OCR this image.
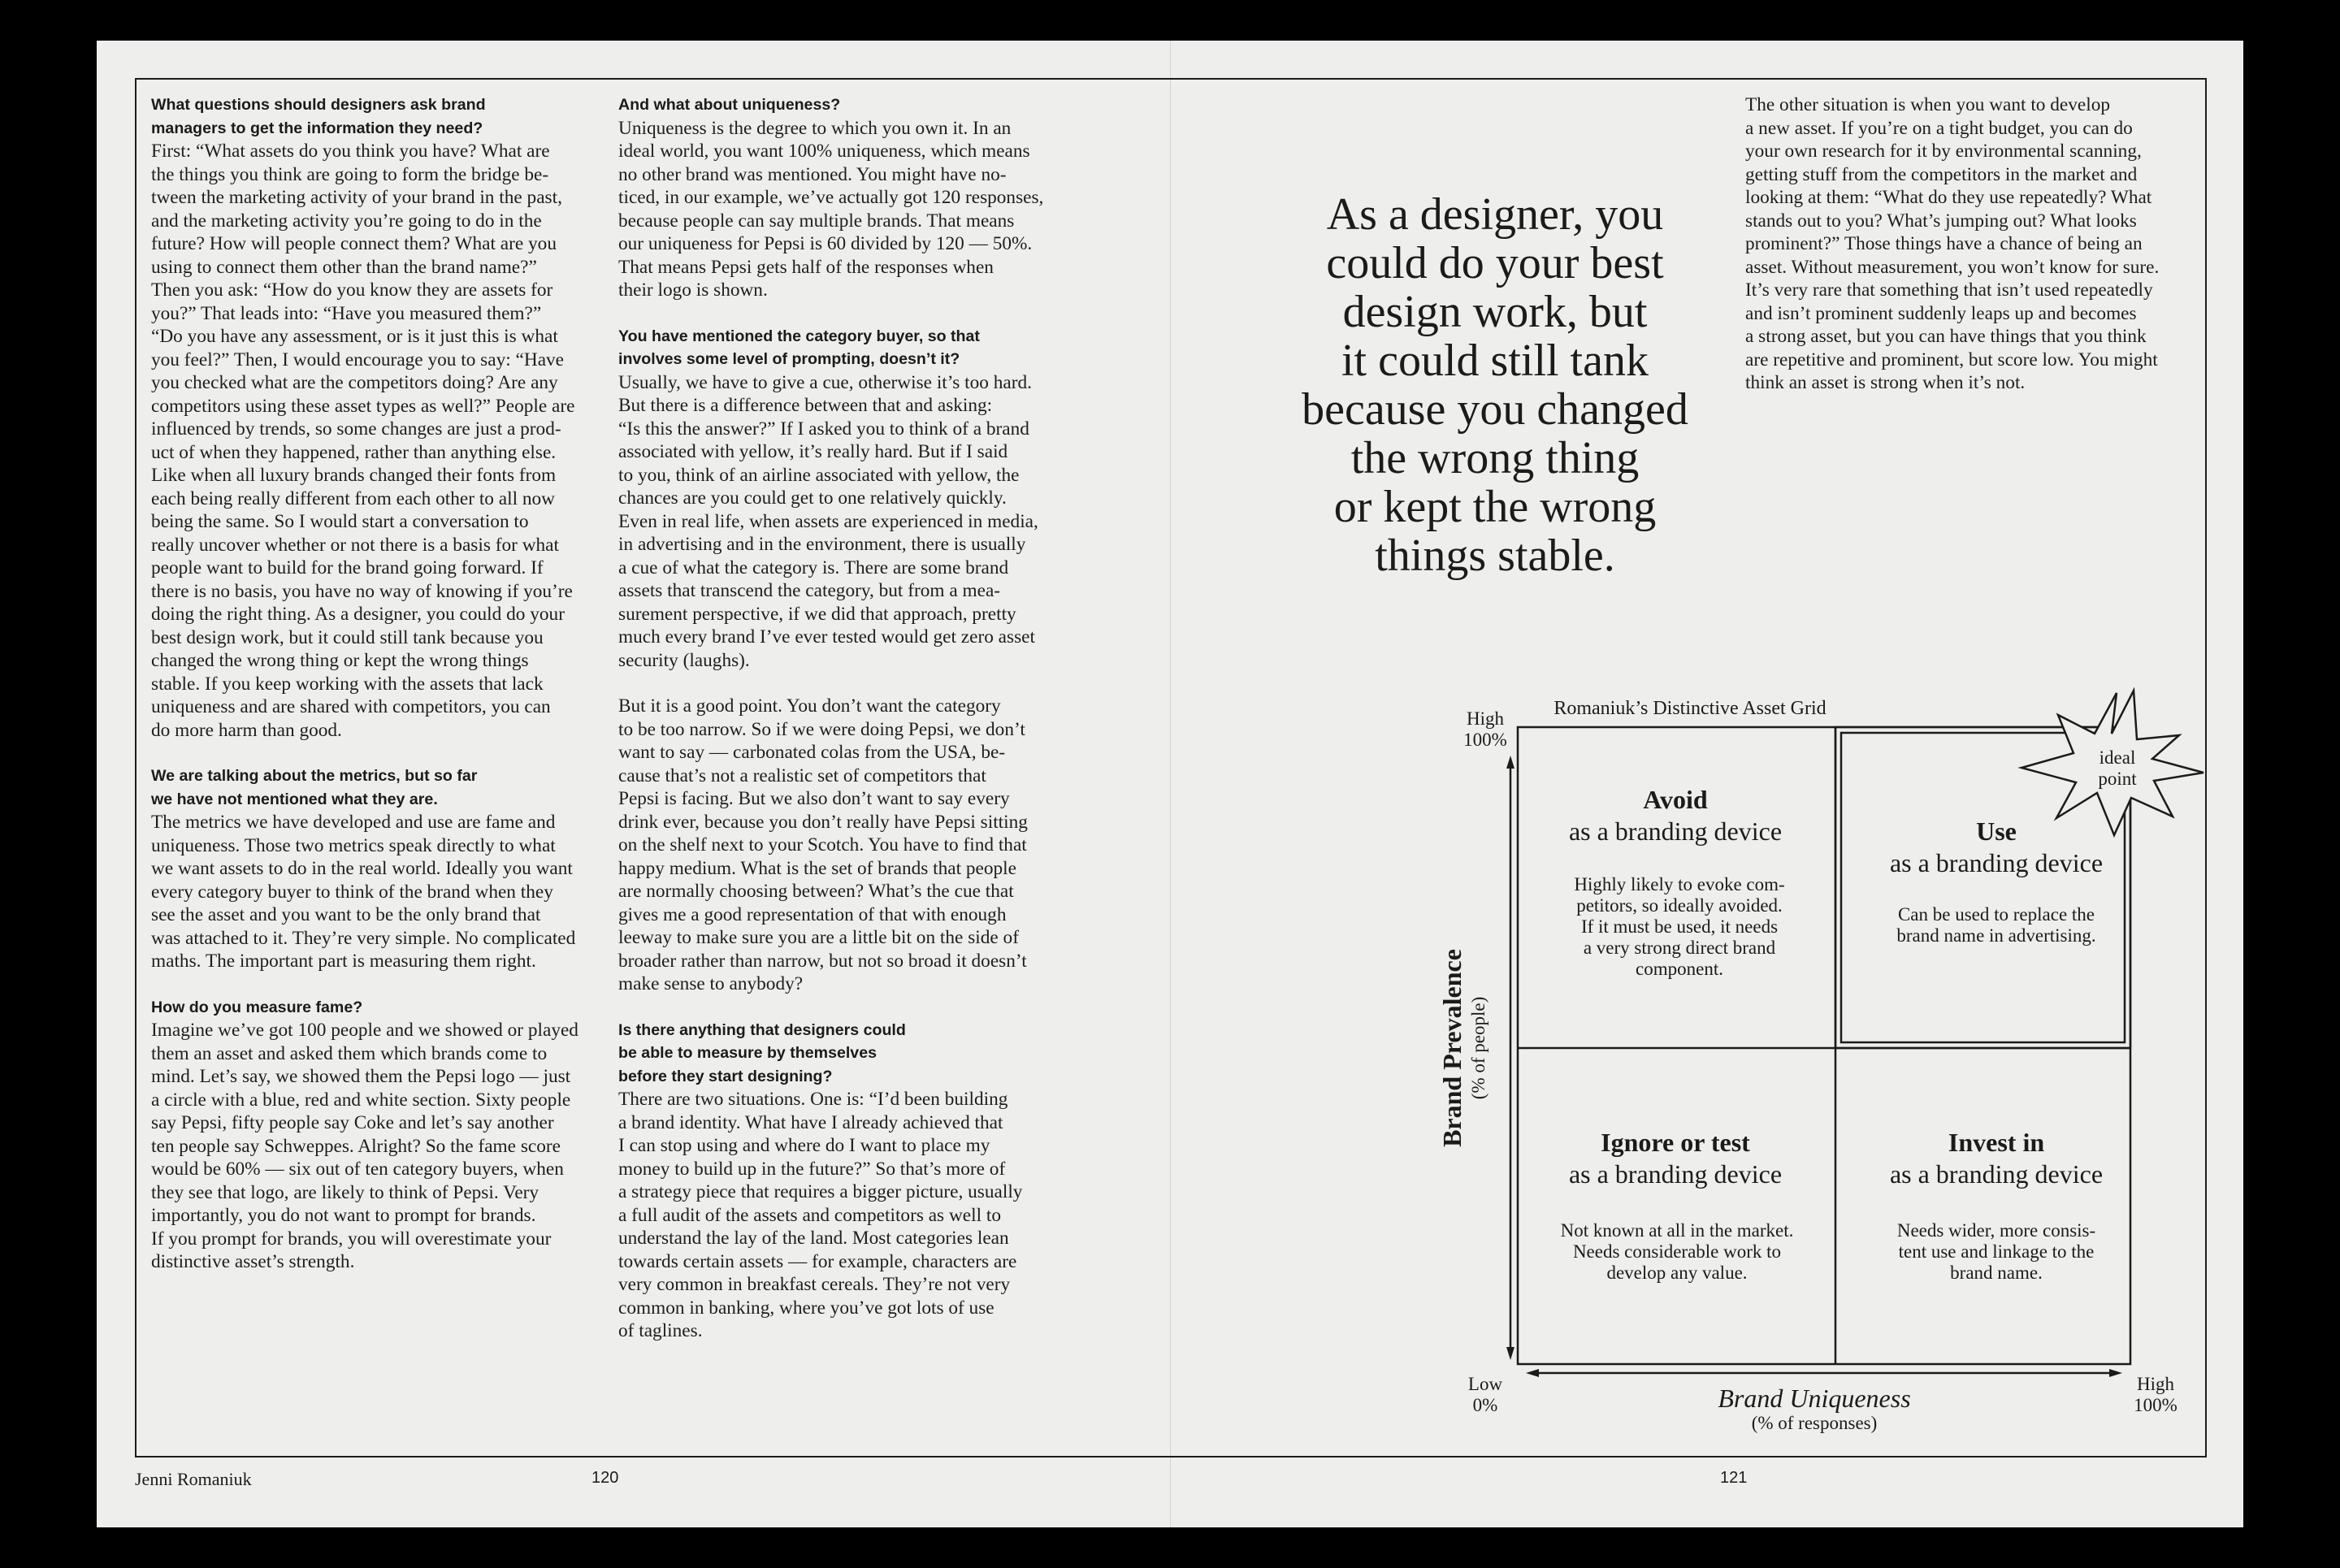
What questions should designers ask brand
managers to get the information they need?
First: “What assets do you think you have? What are
the things you think are going to form the bridge be-
tween the marketing activity of your brand in the past,
and the marketing activity you’re going to do in the
future? How will people connect them? What are you
using to connect them other than the brand name?”
Then you ask: “How do you know they are assets for
you?” That leads into: “Have you measured them?”
“Do you have any assessment, or is it just this is what
you feel?” Then, I would encourage you to say: “Have
you checked what are the competitors doing? Are any
competitors using these asset types as well?” People are
influenced by trends, so some changes are just a prod-
uct of when they happened, rather than anything else.
Like when all luxury brands changed their fonts from
each being really different from each other to all now
being the same. So I would start a conversation to
really uncover whether or not there is a basis for what
people want to build for the brand going forward. If
there is no basis, you have no way of knowing if you’re
doing the right thing. As a designer, you could do your
best design work, but it could still tank because you
changed the wrong thing or kept the wrong things
stable. If you keep working with the assets that lack
uniqueness and are shared with competitors, you can
do more harm than good.
We are talking about the metrics, but so far
we have not mentioned what they are.
The metrics we have developed and use are fame and
uniqueness. Those two metrics speak directly to what
we want assets to do in the real world. Ideally you want
every category buyer to think of the brand when they
see the asset and you want to be the only brand that
was attached to it. They’re very simple. No complicated
maths. The important part is measuring them right.
How do you measure fame?
Imagine we’ve got 100 people and we showed or played
them an asset and asked them which brands come to
mind. Let’s say, we showed them the Pepsi logo — just
a circle with a blue, red and white section. Sixty people
say Pepsi, fifty people say Coke and let’s say another
ten people say Schweppes. Alright? So the fame score
would be 60% — six out of ten category buyers, when
they see that logo, are likely to think of Pepsi. Very
importantly, you do not want to prompt for brands.
If you prompt for brands, you will overestimate your
distinctive asset’s strength.
And what about uniqueness?
Uniqueness is the degree to which you own it. In an
ideal world, you want 100% uniqueness, which means
no other brand was mentioned. You might have no-
ticed, in our example, we’ve actually got 120 responses,
because people can say multiple brands. That means
our uniqueness for Pepsi is 60 divided by 120 — 50%.
That means Pepsi gets half of the responses when
their logo is shown.
You have mentioned the category buyer, so that
involves some level of prompting, doesn’t it?
Usually, we have to give a cue, otherwise it’s too hard.
But there is a difference between that and asking:
“Is this the answer?” If I asked you to think of a brand
associated with yellow, it’s really hard. But if I said
to you, think of an airline associated with yellow, the
chances are you could get to one relatively quickly.
Even in real life, when assets are experienced in media,
in advertising and in the environment, there is usually
a cue of what the category is. There are some brand
assets that transcend the category, but from a mea-
surement perspective, if we did that approach, pretty
much every brand I’ve ever tested would get zero asset
security (laughs).
But it is a good point. You don’t want the category
to be too narrow. So if we were doing Pepsi, we don’t
want to say — carbonated colas from the USA, be-
cause that’s not a realistic set of competitors that
Pepsi is facing. But we also don’t want to say every
drink ever, because you don’t really have Pepsi sitting
on the shelf next to your Scotch. You have to find that
happy medium. What is the set of brands that people
are normally choosing between? What’s the cue that
gives me a good representation of that with enough
leeway to make sure you are a little bit on the side of
broader rather than narrow, but not so broad it doesn’t
make sense to anybody?
Is there anything that designers could
be able to measure by themselves
before they start designing?
There are two situations. One is: “I’d been building
a brand identity. What have I already achieved that
I can stop using and where do I want to place my
money to build up in the future?” So that’s more of
a strategy piece that requires a bigger picture, usually
a full audit of the assets and competitors as well to
understand the lay of the land. Most categories lean
towards certain assets — for example, characters are
very common in breakfast cereals. They’re not very
common in banking, where you’ve got lots of use
of taglines.
The other situation is when you want to develop
a new asset. If you’re on a tight budget, you can do
your own research for it by environmental scanning,
getting stuff from the competitors in the market and
looking at them: “What do they use repeatedly? What
stands out to you? What’s jumping out? What looks
prominent?” Those things have a chance of being an
asset. Without measurement, you won’t know for sure.
It’s very rare that something that isn’t used repeatedly
and isn’t prominent suddenly leaps up and becomes
a strong asset, but you can have things that you think
are repetitive and prominent, but score low. You might
think an asset is strong when it’s not.
As a designer, you
could do your best
design work, but
it could still tank
because you changed
the wrong thing
or kept the wrong
things stable.
Romaniuk’s Distinctive Asset Grid
High
100%
Low
0%
High
100%
ideal
point
Avoid
as a branding device
Highly likely to evoke com-
petitors, so ideally avoided.
If it must be used, it needs
a very strong direct brand
component.
Use
as a branding device
Can be used to replace the
brand name in advertising.
Ignore or test
as a branding device
Not known at all in the market.
Needs considerable work to
develop any value.
Invest in
as a branding device
Needs wider, more consis-
tent use and linkage to the
brand name.
Brand Prevalence (% of people)
Brand Uniqueness
(% of responses)
Jenni Romaniuk	120	121
